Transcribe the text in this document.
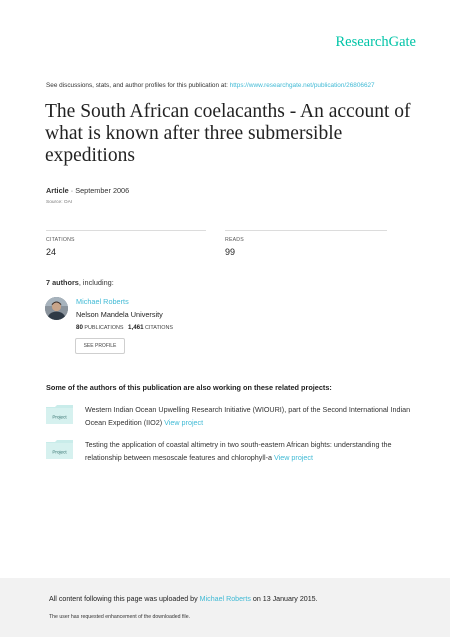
ResearchGate
See discussions, stats, and author profiles for this publication at: https://www.researchgate.net/publication/26806627
The South African coelacanths - An account of what is known after three submersible expeditions
Article · September 2006
Source: OAI
CITATIONS
24
READS
99
7 authors, including:
Michael Roberts
Nelson Mandela University
80 PUBLICATIONS 1,461 CITATIONS
SEE PROFILE
Some of the authors of this publication are also working on these related projects:
Project
Western Indian Ocean Upwelling Research Initiative (WIOURI), part of the Second International Indian Ocean Expedition (IIO2) View project
Project
Testing the application of coastal altimetry in two south-eastern African bights: understanding the relationship between mesoscale features and chlorophyll-a View project
All content following this page was uploaded by Michael Roberts on 13 January 2015.
The user has requested enhancement of the downloaded file.
